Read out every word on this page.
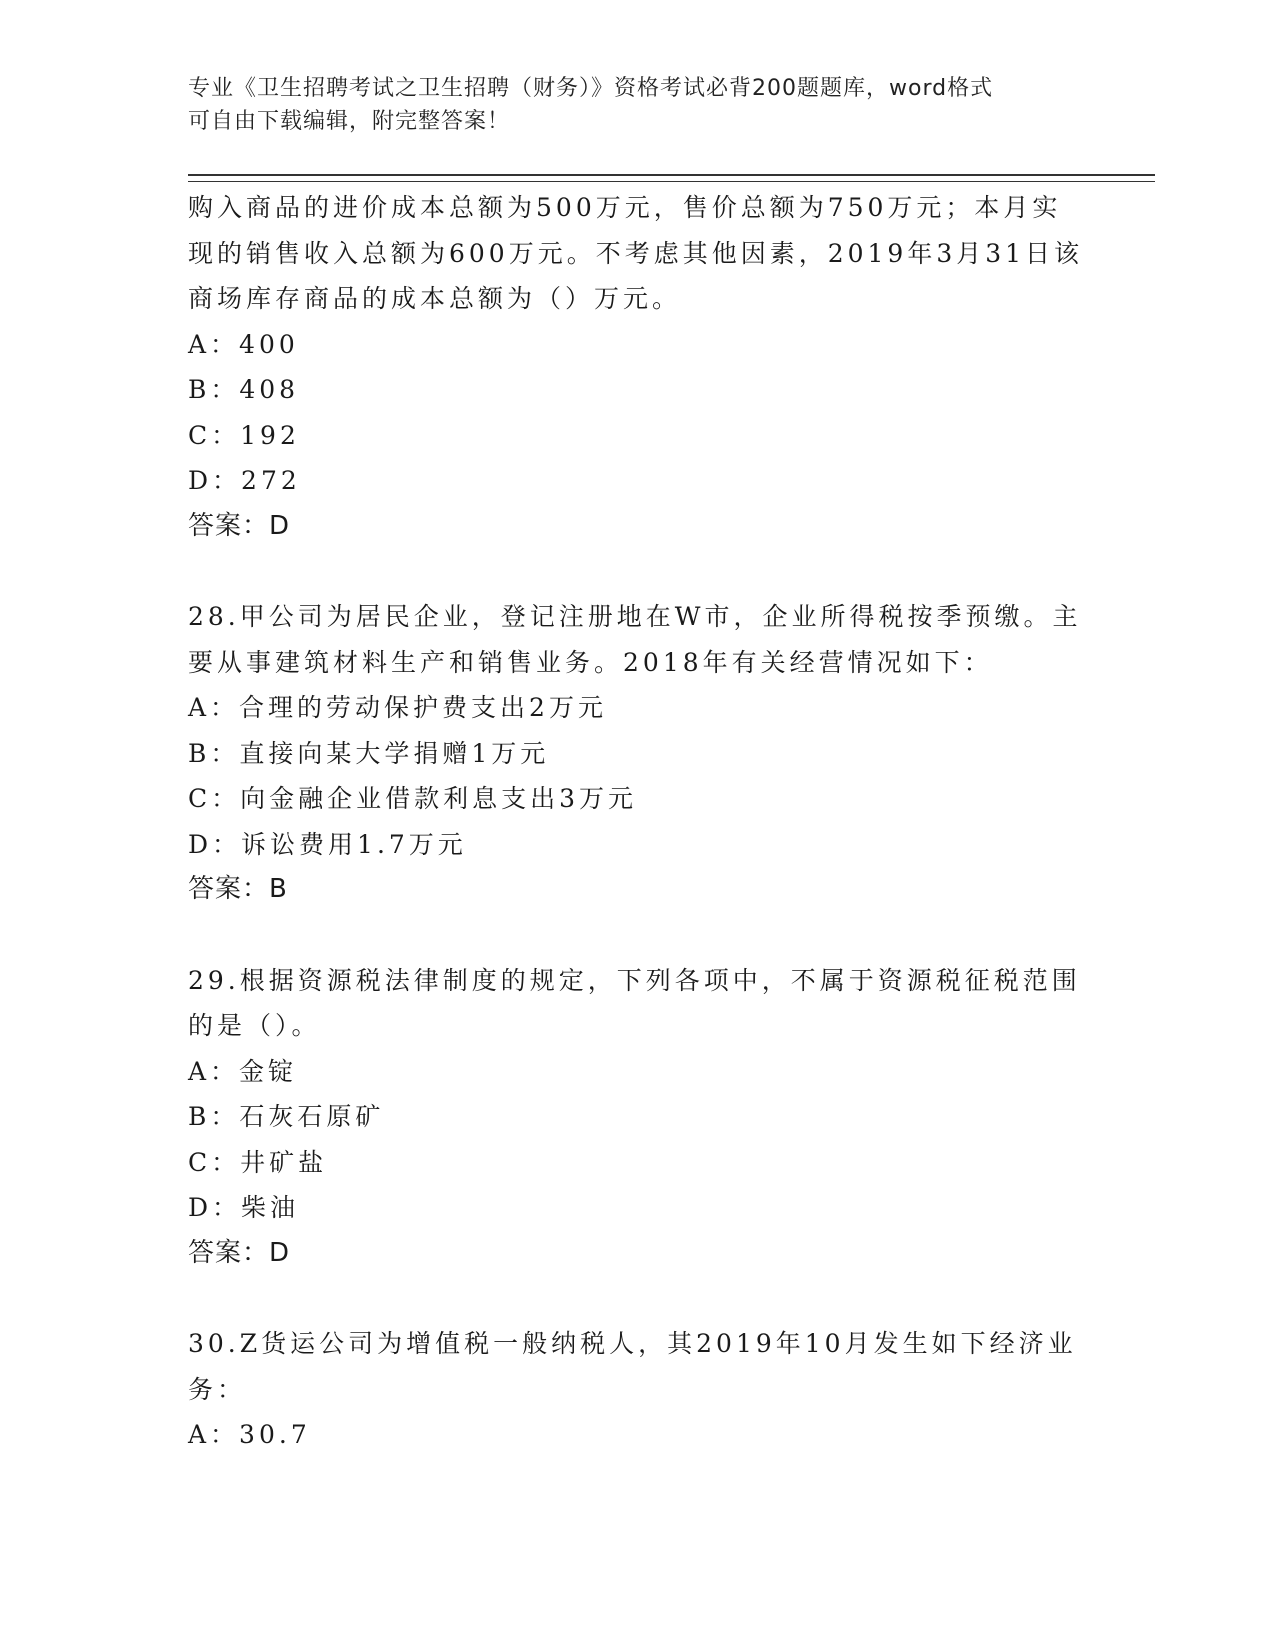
专业《卫生招聘考试之卫生招聘（财务）》资格考试必背200题题库，word格式
可自由下载编辑，附完整答案！
购入商品的进价成本总额为500万元，售价总额为750万元；本月实
现的销售收入总额为600万元。不考虑其他因素，2019年3月31日该
商场库存商品的成本总额为（）万元。
A：400
B：408
C：192
D：272
答案：D
28.甲公司为居民企业，登记注册地在W市，企业所得税按季预缴。主
要从事建筑材料生产和销售业务。2018年有关经营情况如下：
A：合理的劳动保护费支出2万元
B：直接向某大学捐赠1万元
C：向金融企业借款利息支出3万元
D：诉讼费用1.7万元
答案：B
29.根据资源税法律制度的规定，下列各项中，不属于资源税征税范围
的是（）。
A：金锭
B：石灰石原矿
C：井矿盐
D：柴油
答案：D
30.Z货运公司为增值税一般纳税人，其2019年10月发生如下经济业
务：
A：30.7
